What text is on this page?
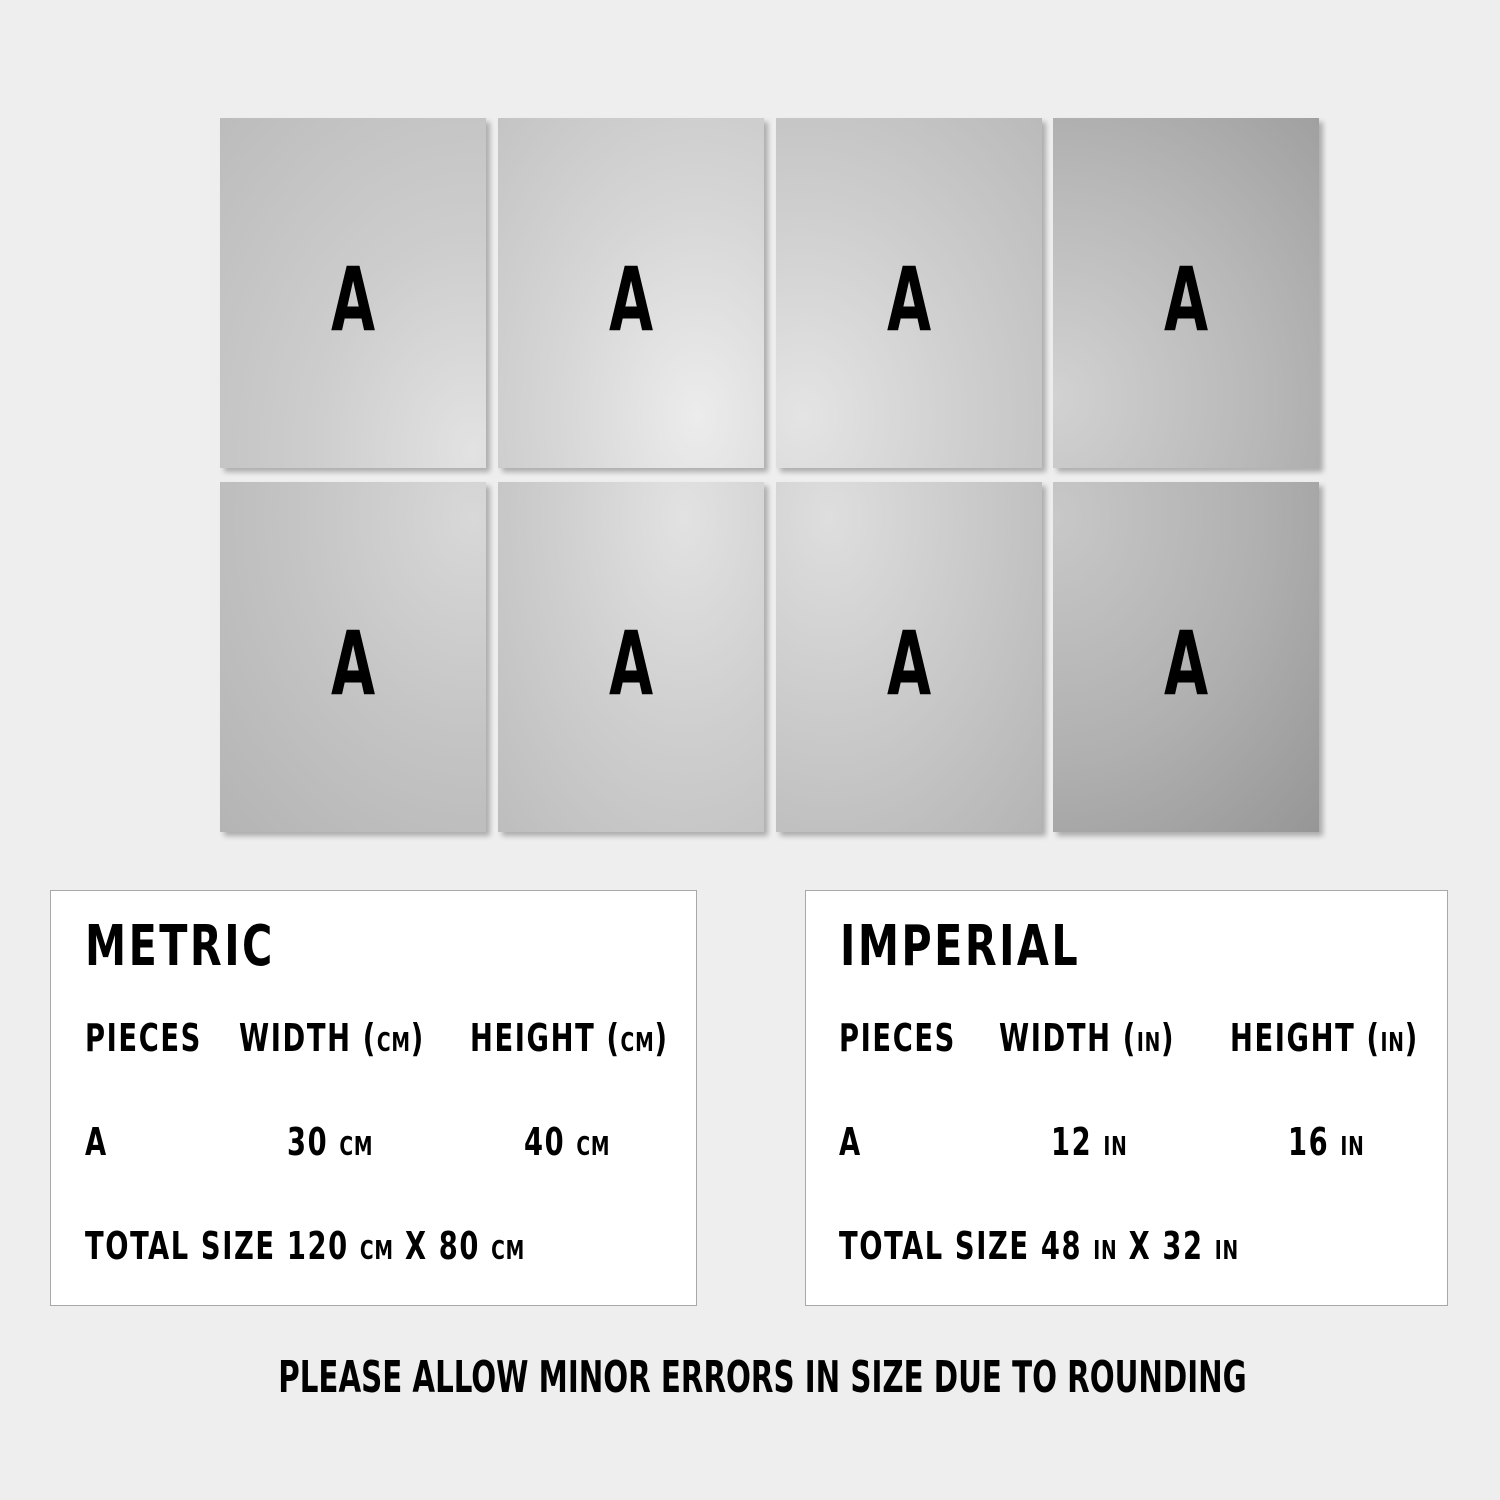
A	A	A	A
A	A	A	A
METRIC
PIECES WIDTH (CM) HEIGHT (CM)
A	30 CM	40 CM
TOTAL SIZE 120 CM X 80 CM
IMPERIAL
PIECES WIDTH (IN) HEIGHT (IN)
A	12 IN	16 IN
TOTAL SIZE 48 IN X 32 IN
PLEASE ALLOW MINOR ERRORS IN SIZE DUE TO ROUNDING
